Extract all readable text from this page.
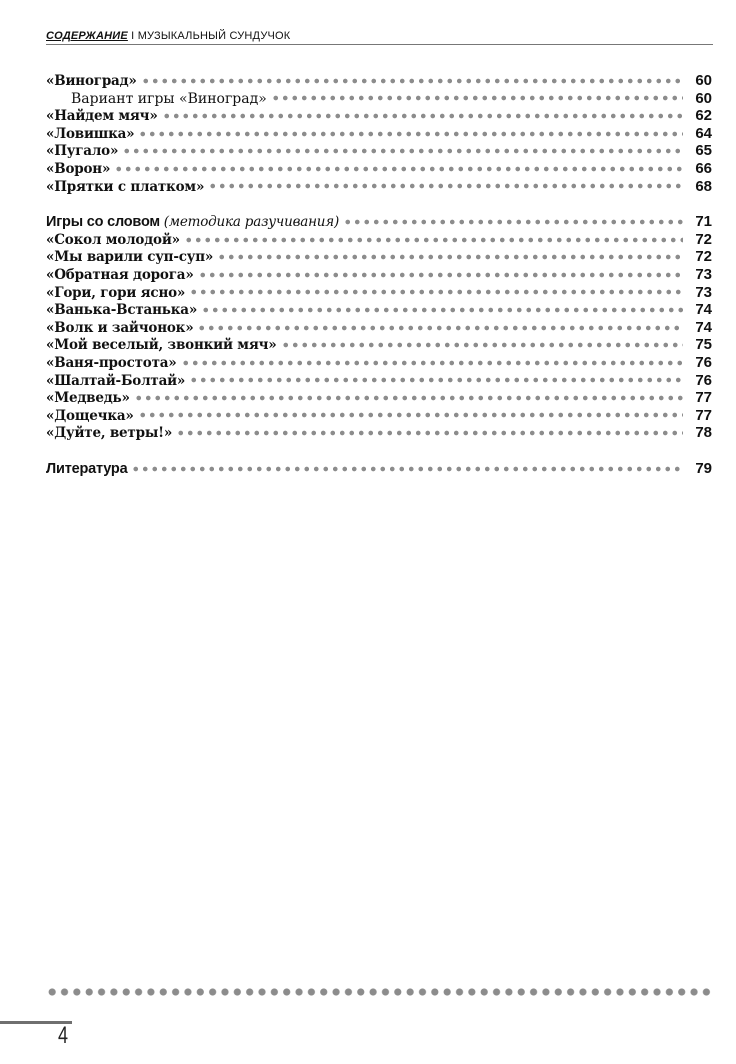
СОДЕРЖАНИЕ I МУЗЫКАЛЬНЫЙ СУНДУЧОК
«Виноград»	60
Вариант игры «Виноград»	60
«Найдем мяч»	62
«Ловишка»	64
«Пугало»	65
«Ворон»	66
«Прятки с платком»	68
Игры со словом (методика разучивания)	71
«Сокол молодой»	72
«Мы варили суп-суп»	72
«Обратная дорога»	73
«Гори, гори ясно»	73
«Ванька-Встанька»	74
«Волк и зайчонок»	74
«Мой веселый, звонкий мяч»	75
«Ваня-простота»	76
«Шалтай-Болтай»	76
«Медведь»	77
«Дощечка»	77
«Дуйте, ветры!»	78
Литература	79
4
